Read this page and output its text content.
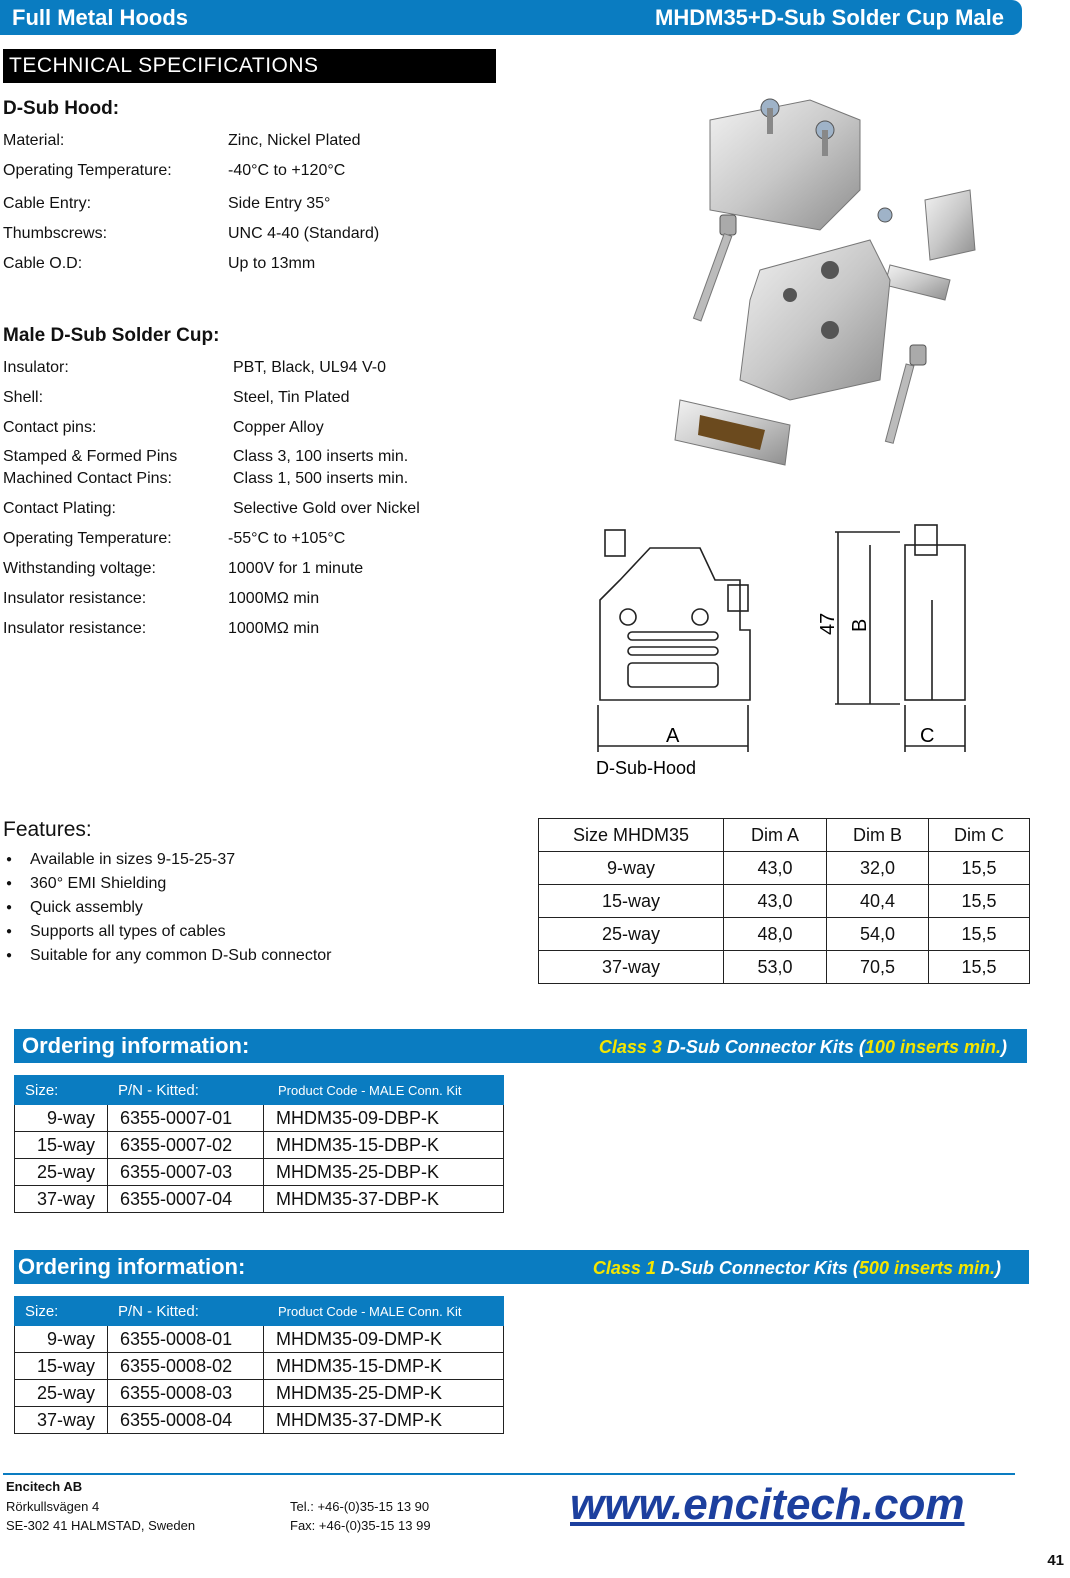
Full Metal Hoods	MHDM35+D-Sub Solder Cup Male
TECHNICAL SPECIFICATIONS
D-Sub Hood:
Material:	Zinc, Nickel Plated
Operating Temperature:	-40°C to +120°C
Cable Entry:	Side Entry 35°
Thumbscrews:	UNC 4-40 (Standard)
Cable O.D:	Up to 13mm
Male D-Sub Solder Cup:
Insulator:	PBT, Black, UL94 V-0
Shell:	Steel, Tin Plated
Contact pins:	Copper Alloy
Stamped & Formed Pins	Class 3, 100 inserts min.
Machined Contact Pins:	Class 1, 500 inserts min.
Contact Plating:	Selective Gold over Nickel
Operating Temperature:	-55°C to +105°C
Withstanding voltage:	1000V for 1 minute
Insulator resistance:	1000MΩ min
Insulator resistance:	1000MΩ min
A	C
47 B
D-Sub-Hood
Features:
● Available in sizes 9-15-25-37
● 360° EMI Shielding
● Quick assembly
● Supports all types of cables
● Suitable for any common D-Sub connector
Size MHDM35	Dim A	Dim B	Dim C
9-way	43,0	32,0	15,5
15-way	43,0	40,4	15,5
25-way	48,0	54,0	15,5
37-way	53,0	70,5	15,5
Ordering information:	Class 3 D-Sub Connector Kits (100 inserts min.)
Size:	P/N - Kitted:	Product Code - MALE Conn. Kit
9-way	6355-0007-01	MHDM35-09-DBP-K
15-way	6355-0007-02	MHDM35-15-DBP-K
25-way	6355-0007-03	MHDM35-25-DBP-K
37-way	6355-0007-04	MHDM35-37-DBP-K
Ordering information:	Class 1 D-Sub Connector Kits (500 inserts min.)
Size:	P/N - Kitted:	Product Code - MALE Conn. Kit
9-way	6355-0008-01	MHDM35-09-DMP-K
15-way	6355-0008-02	MHDM35-15-DMP-K
25-way	6355-0008-03	MHDM35-25-DMP-K
37-way	6355-0008-04	MHDM35-37-DMP-K
Encitech AB
Rörkullsvägen 4
SE-302 41 HALMSTAD, Sweden
Tel.: +46-(0)35-15 13 90
Fax: +46-(0)35-15 13 99	www.encitech.com
41
